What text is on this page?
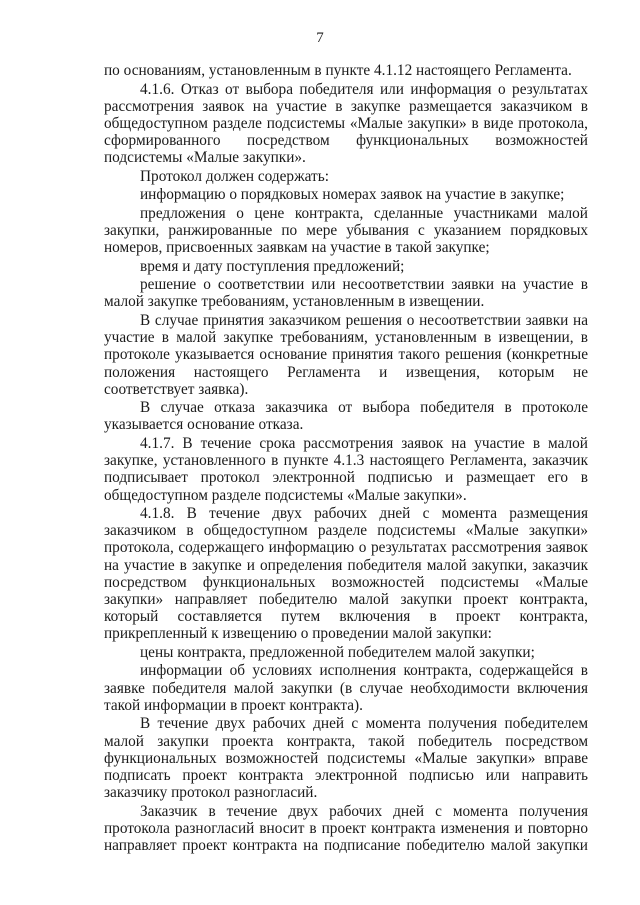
7

по основаниям, установленным в пункте 4.1.12 настоящего Регламента.

4.1.6. Отказ от выбора победителя или информация о результатах рассмотрения заявок на участие в закупке размещается заказчиком в общедоступном разделе подсистемы «Малые закупки» в виде протокола, сформированного посредством функциональных возможностей подсистемы «Малые закупки».

Протокол должен содержать:

информацию о порядковых номерах заявок на участие в закупке;

предложения о цене контракта, сделанные участниками малой закупки, ранжированные по мере убывания с указанием порядковых номеров, присвоенных заявкам на участие в такой закупке;

время и дату поступления предложений;

решение о соответствии или несоответствии заявки на участие в малой закупке требованиям, установленным в извещении.

В случае принятия заказчиком решения о несоответствии заявки на участие в малой закупке требованиям, установленным в извещении, в протоколе указывается основание принятия такого решения (конкретные положения настоящего Регламента и извещения, которым не соответствует заявка).

В случае отказа заказчика от выбора победителя в протоколе указывается основание отказа.

4.1.7. В течение срока рассмотрения заявок на участие в малой закупке, установленного в пункте 4.1.3 настоящего Регламента, заказчик подписывает протокол электронной подписью и размещает его в общедоступном разделе подсистемы «Малые закупки».

4.1.8. В течение двух рабочих дней с момента размещения заказчиком в общедоступном разделе подсистемы «Малые закупки» протокола, содержащего информацию о результатах рассмотрения заявок на участие в закупке и определения победителя малой закупки, заказчик посредством функциональных возможностей подсистемы «Малые закупки» направляет победителю малой закупки проект контракта, который составляется путем включения в проект контракта, прикрепленный к извещению о проведении малой закупки:

цены контракта, предложенной победителем малой закупки;

информации об условиях исполнения контракта, содержащейся в заявке победителя малой закупки (в случае необходимости включения такой информации в проект контракта).

В течение двух рабочих дней с момента получения победителем малой закупки проекта контракта, такой победитель посредством функциональных возможностей подсистемы «Малые закупки» вправе подписать проект контракта электронной подписью или направить заказчику протокол разногласий.

Заказчик в течение двух рабочих дней с момента получения протокола разногласий вносит в проект контракта изменения и повторно направляет проект контракта на подписание победителю малой закупки
